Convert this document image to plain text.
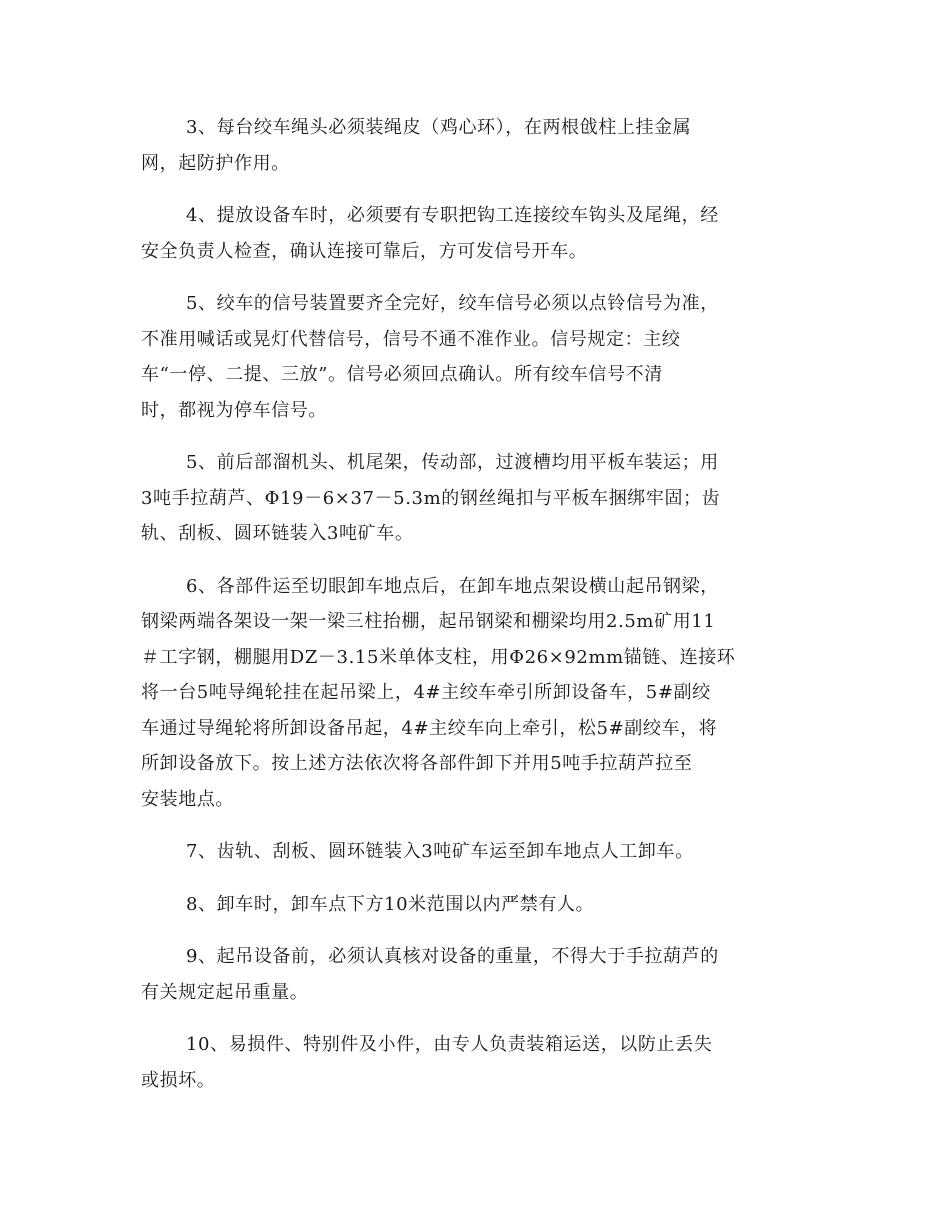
3、每台绞车绳头必须装绳皮（鸡心环），在两根戗柱上挂金属
网，起防护作用。

4、提放设备车时，必须要有专职把钩工连接绞车钩头及尾绳，经
安全负责人检查，确认连接可靠后，方可发信号开车。

5、绞车的信号装置要齐全完好，绞车信号必须以点铃信号为准，
不准用喊话或晃灯代替信号，信号不通不准作业。信号规定：主绞
车“一停、二提、三放”。信号必须回点确认。所有绞车信号不清
时，都视为停车信号。

5、前后部溜机头、机尾架，传动部，过渡槽均用平板车装运；用
3吨手拉葫芦、Φ19－6×37－5.3m的钢丝绳扣与平板车捆绑牢固；齿
轨、刮板、圆环链装入3吨矿车。

6、各部件运至切眼卸车地点后，在卸车地点架设横山起吊钢梁，
钢梁两端各架设一架一梁三柱抬棚，起吊钢梁和棚梁均用2.5m矿用11
＃工字钢，棚腿用DZ－3.15米单体支柱，用Φ26×92mm锚链、连接环
将一台5吨导绳轮挂在起吊梁上，4#主绞车牵引所卸设备车，5#副绞
车通过导绳轮将所卸设备吊起，4#主绞车向上牵引，松5#副绞车，将
所卸设备放下。按上述方法依次将各部件卸下并用5吨手拉葫芦拉至
安装地点。

7、齿轨、刮板、圆环链装入3吨矿车运至卸车地点人工卸车。

8、卸车时，卸车点下方10米范围以内严禁有人。

9、起吊设备前，必须认真核对设备的重量，不得大于手拉葫芦的
有关规定起吊重量。

10、易损件、特别件及小件，由专人负责装箱运送，以防止丢失
或损坏。
